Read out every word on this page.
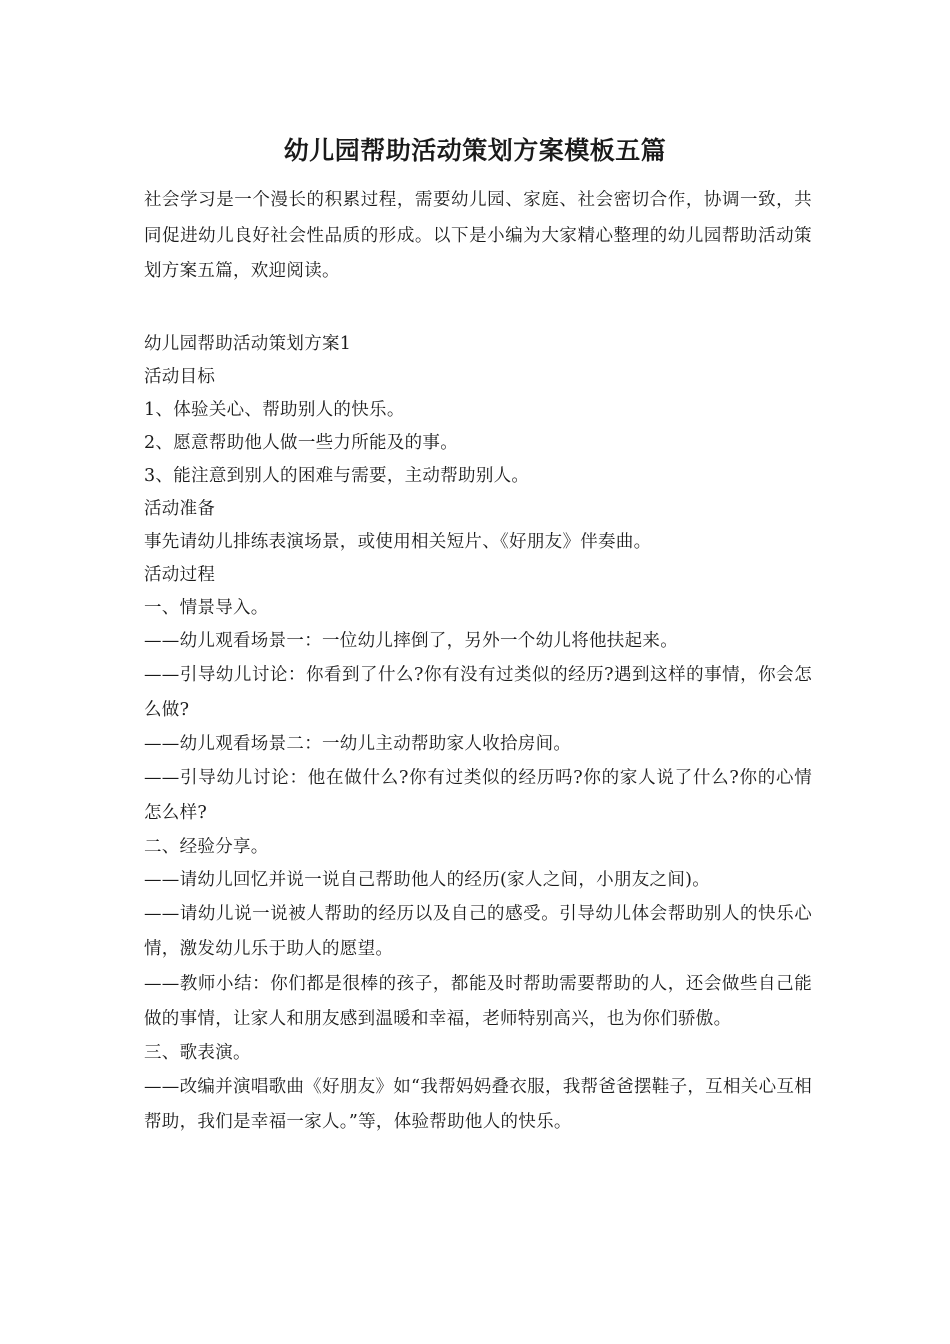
幼儿园帮助活动策划方案模板五篇

社会学习是一个漫长的积累过程，需要幼儿园、家庭、社会密切合作，协调一致，共同促进幼儿良好社会性品质的形成。以下是小编为大家精心整理的幼儿园帮助活动策划方案五篇，欢迎阅读。

幼儿园帮助活动策划方案1

活动目标

1、体验关心、帮助别人的快乐。

2、愿意帮助他人做一些力所能及的事。

3、能注意到别人的困难与需要，主动帮助别人。

活动准备

事先请幼儿排练表演场景，或使用相关短片、《好朋友》伴奏曲。

活动过程

一、情景导入。

——幼儿观看场景一：一位幼儿摔倒了，另外一个幼儿将他扶起来。

——引导幼儿讨论：你看到了什么?你有没有过类似的经历?遇到这样的事情，你会怎么做?

——幼儿观看场景二：一幼儿主动帮助家人收拾房间。

——引导幼儿讨论：他在做什么?你有过类似的经历吗?你的家人说了什么?你的心情怎么样?

二、经验分享。

——请幼儿回忆并说一说自己帮助他人的经历(家人之间，小朋友之间)。

——请幼儿说一说被人帮助的经历以及自己的感受。引导幼儿体会帮助别人的快乐心情，激发幼儿乐于助人的愿望。

——教师小结：你们都是很棒的孩子，都能及时帮助需要帮助的人，还会做些自己能做的事情，让家人和朋友感到温暖和幸福，老师特别高兴，也为你们骄傲。

三、歌表演。

——改编并演唱歌曲《好朋友》如“我帮妈妈叠衣服，我帮爸爸摆鞋子，互相关心互相帮助，我们是幸福一家人。”等，体验帮助他人的快乐。
